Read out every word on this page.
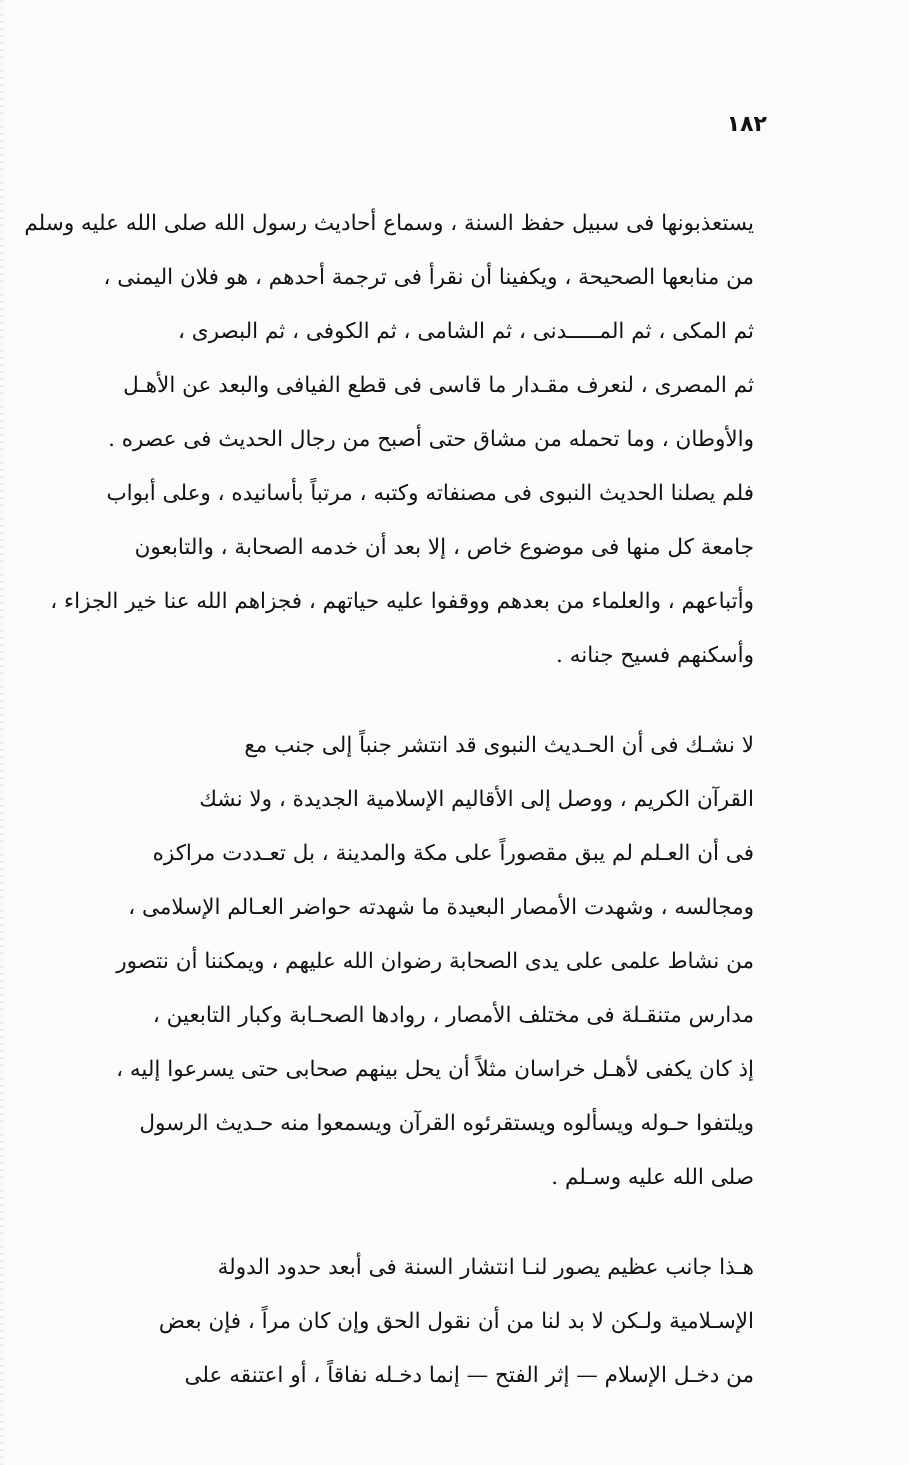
١٨٢
يستعذبونها فى سبيل حفظ السنة ، وسماع أحاديث رسول الله صلى الله عليه وسلم
من منابعها الصحيحة ، ويكفينا أن نقرأ فى ترجمة أحدهم ، هو فلان اليمنى ،
ثم المكى ، ثم المـــــدنى ، ثم الشامى ، ثم الكوفى ، ثم البصرى ،
ثم المصرى ، لنعرف مقـدار ما قاسى فى قطع الفيافى والبعد عن الأهـل
والأوطان ، وما تحمله من مشاق حتى أصبح من رجال الحديث فى عصره .
فلم يصلنا الحديث النبوى فى مصنفاته وكتبه ، مرتباً بأسانيده ، وعلى أبواب
جامعة كل منها فى موضوع خاص ، إلا بعد أن خدمه الصحابة ، والتابعون
وأتباعهم ، والعلماء من بعدهم ووقفوا عليه حياتهم ، فجزاهم الله عنا خير الجزاء ،
وأسكنهم فسيح جنانه .
لا نشـك فى أن الحـديث النبوى قد انتشر جنباً إلى جنب مع
القرآن الكريم ، ووصل إلى الأقاليم الإسلامية الجديدة ، ولا نشك
فى أن العـلم لم يبق مقصوراً على مكة والمدينة ، بل تعـددت مراكزه
ومجالسه ، وشهدت الأمصار البعيدة ما شهدته حواضر العـالم الإسلامى ،
من نشاط علمى على يدى الصحابة رضوان الله عليهم ، ويمكننا أن نتصور
مدارس متنقـلة فى مختلف الأمصار ، روادها الصحـابة وكبار التابعين ،
إذ كان يكفى لأهـل خراسان مثلاً أن يحل بينهم صحابى حتى يسرعوا إليه ،
ويلتفوا حـوله ويسألوه ويستقرئوه القرآن ويسمعوا منه حـديث الرسول
صلى الله عليه وسـلم .
هـذا جانب عظيم يصور لنـا انتشار السنة فى أبعد حدود الدولة
الإسـلامية ولـكن لا بد لنا من أن نقول الحق وإن كان مراً ، فإن بعض
من دخـل الإسلام — إثر الفتح — إنما دخـله نفاقاً ، أو اعتنقه على
